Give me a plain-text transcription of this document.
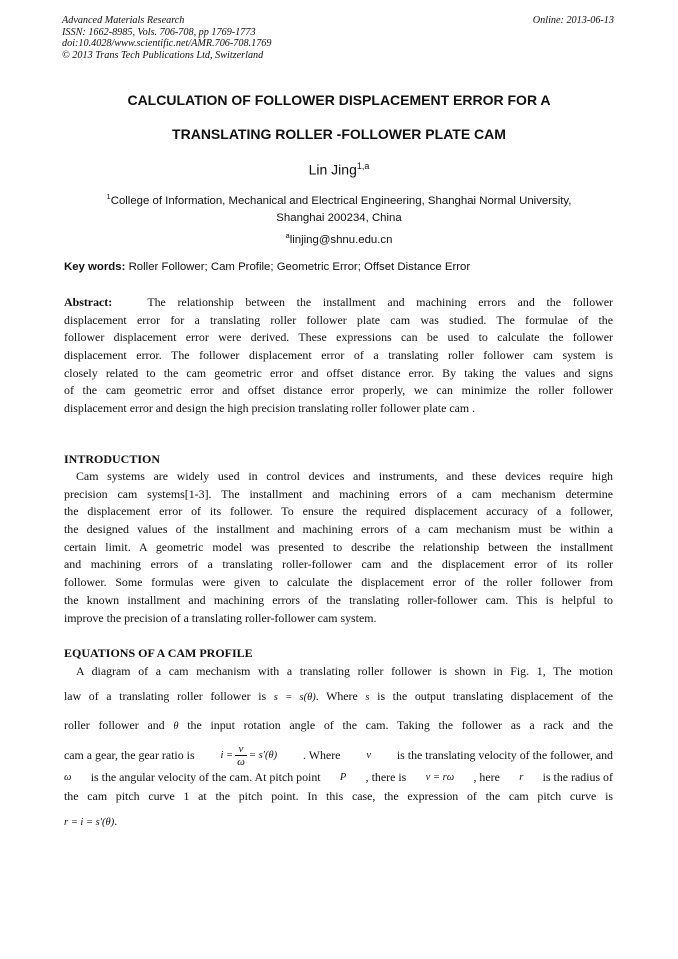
Advanced Materials Research
ISSN: 1662-8985, Vols. 706-708, pp 1769-1773
doi:10.4028/www.scientific.net/AMR.706-708.1769
© 2013 Trans Tech Publications Ltd, Switzerland
Online: 2013-06-13
CALCULATION OF FOLLOWER DISPLACEMENT ERROR FOR A
TRANSLATING ROLLER -FOLLOWER PLATE CAM
Lin Jing$^{1,a}$
$^1$College of Information, Mechanical and Electrical Engineering, Shanghai Normal University,
Shanghai 200234, China
$^a$linjing@shnu.edu.cn
Key words: Roller Follower; Cam Profile; Geometric Error; Offset Distance Error
Abstract:	The relationship between the installment and machining errors and the follower
displacement error for a translating roller follower plate cam was studied. The formulae of the
follower displacement error were derived. These expressions can be used to calculate the follower
displacement error. The follower displacement error of a translating roller follower cam system is
closely related to the cam geometric error and offset distance error. By taking the values and signs
of the cam geometric error and offset distance error properly, we can minimize the roller follower
displacement error and design the high precision translating roller follower plate cam .
INTRODUCTION
Cam systems are widely used in control devices and instruments, and these devices require high
precision cam systems[1-3]. The installment and machining errors of a cam mechanism determine
the displacement error of its follower. To ensure the required displacement accuracy of a follower,
the designed values of the installment and machining errors of a cam mechanism must be within a
certain limit. A geometric model was presented to describe the relationship between the installment
and machining errors of a translating roller-follower cam and the displacement error of its roller
follower. Some formulas were given to calculate the displacement error of the roller follower from
the known installment and machining errors of the translating roller-follower cam. This is helpful to
improve the precision of a translating roller-follower cam system.
EQUATIONS OF A CAM PROFILE
A diagram of a cam mechanism with a translating roller follower is shown in Fig. 1, The motion
law of a translating roller follower is s = s(θ). Where s is the output translating displacement of the
roller follower and θ the input rotation angle of the cam. Taking the follower as a rack and the
cam a gear, the gear ratio is $i = \frac{v}{\omega} = s'(\theta)$ . Where v is the translating velocity of the follower, and
ω is the angular velocity of the cam. At pitch point P , there is v = rω , here r is the radius of
the cam pitch curve 1 at the pitch point. In this case, the expression of the cam pitch curve is
r = i = s′(θ).
